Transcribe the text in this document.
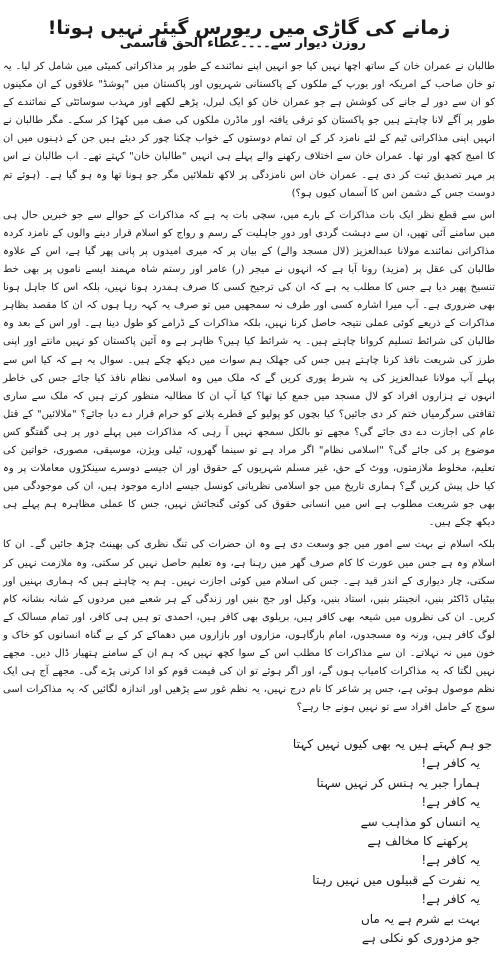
زمانے کی گاڑی میں ریورس گیئر نہیں ہوتا!
روزن دیوار سے۔۔۔۔عطاء الحق قاسمی

طالبان نے عمران خان کے ساتھ اچھا نہیں کیا جو انہیں اپنے نمائندے کے طور پر مذاکراتی کمیٹی میں شامل کر لیا۔ یہ تو خان صاحب کے امریکہ اور یورپ کے ملکوں کے پاکستانی شہریوں اور پاکستان میں "پوشڈ" علاقوں کے ان مکینوں کو ان سے دور لے جانے کی کوشش ہے جو عمران خان کو ایک لبرل، پڑھے لکھے اور مہذب سوسائٹی کے نمائندے کے طور پر آگے لانا چاہتے ہیں جو پاکستان کو ترقی یافتہ اور ماڈرن ملکوں کی صف میں کھڑا کر سکے۔ مگر طالبان نے انہیں اپنی مذاکراتی ٹیم کے لئے نامزد کر کے ان تمام دوستوں کے خواب چکنا چور کر دیئے ہیں جن کے ذہنوں میں ان کا امیج کچھ اور تھا۔ عمران خان سے اختلاف رکھنے والے پہلے ہی انہیں "طالبان خان" کہتے تھے۔ اب طالبان نے اس پر مہر تصدیق ثبت کر دی ہے۔ عمران خان اس نامزدگی پر لاکھ تلملائیں مگر جو ہونا تھا وہ ہو گیا ہے۔ (ہوئے تم دوست جس کے دشمن اس کا آسماں کیوں ہو؟)

اس سے قطع نظر ایک بات مذاکرات کے بارے میں، سچی بات یہ ہے کہ مذاکرات کے حوالے سے جو خبریں حال ہی میں سامنے آئی تھیں، ان سے دہشت گردی اور دورِ جاہلیت کے رسم و رواج کو اسلام قرار دینے والوں کے نامزد کردہ مذاکراتی نمائندے مولانا عبدالعزیز (لال مسجد والے) کے بیان پر کہ میری امیدوں پر پانی پھر گیا ہے، اس کے علاوہ طالبان کی عقل پر (مزید) رونا آیا ہے کہ انہوں نے میجر (ر) عامر اور رستم شاہ مہمند ایسے ناموں پر بھی خط تنسیخ پھیر دیا ہے جس کا مطلب یہ ہے کہ ان کی ترجیح کسی کا صرف ہمدرد ہونا نہیں، بلکہ اس کا جاہل ہونا بھی ضروری ہے۔ آپ میرا اشارہ کسی اور طرف نہ سمجھیں میں تو صرف یہ کہہ رہا ہوں کہ ان کا مقصد بظاہر مذاکرات کے ذریعے کوئی عملی نتیجہ حاصل کرنا نہیں، بلکہ مذاکرات کے ڈرامے کو طول دینا ہے۔ اور اس کے بعد وہ طالبان کی شرائط تسلیم کروانا چاہتے ہیں۔ یہ شرائط کیا ہیں؟ ظاہر ہے وہ آئین پاکستان کو نہیں مانتے اور اپنی طرز کی شریعت نافذ کرنا چاہتے ہیں جس کی جھلک ہم سوات میں دیکھ چکے ہیں۔ سوال یہ ہے کہ کیا اس سے پہلے آپ مولانا عبدالعزیز کی یہ شرط پوری کریں گے کہ ملک میں وہ اسلامی نظام نافذ کیا جائے جس کی خاطر انہوں نے ہزاروں افراد کو لال مسجد میں جمع کیا تھا؟ کیا آپ ان کا مطالبہ منظور کرتے ہیں کہ ملک سے ساری ثقافتی سرگرمیاں ختم کر دی جائیں؟ کیا بچوں کو پولیو کے قطرے پلانے کو حرام قرار دے دیا جائے؟ "ملالائیں" کے قتل عام کی اجازت دے دی جائے گی؟ مجھے تو بالکل سمجھ نہیں آ رہی کہ مذاکرات میں پہلے دور پر ہی گفتگو کس موضوع پر کی جائے گی؟ "اسلامی نظام" اگر مراد ہے تو سینما گھروں، ٹیلی ویژن، موسیقی، مصوری، خواتین کی تعلیم، مخلوط ملازمتوں، ووٹ کے حق، غیر مسلم شہریوں کے حقوق اور ان جیسے دوسرے سینکڑوں معاملات پر وہ کیا حل پیش کریں گے؟ ہماری تاریخ میں جو اسلامی نظریاتی کونسل جیسے ادارے موجود ہیں، ان کی موجودگی میں بھی جو شریعت مطلوب ہے اس میں انسانی حقوق کی کوئی گنجائش نہیں، جس کا عملی مظاہرہ ہم پہلے ہی دیکھ چکے ہیں۔

بلکہ اسلام نے بہت سے امور میں جو وسعت دی ہے وہ ان حضرات کی تنگ نظری کی بھینٹ چڑھ جائیں گے۔ ان کا اسلام وہ ہے جس میں عورت کا کام صرف گھر میں رہنا ہے، وہ تعلیم حاصل نہیں کر سکتی، وہ ملازمت نہیں کر سکتی، چار دیواری کے اندر قید ہے۔ جس کی اسلام میں کوئی اجازت نہیں۔ ہم یہ چاہتے ہیں کہ ہماری بہنیں اور بیٹیاں ڈاکٹر بنیں، انجینئر بنیں، استاد بنیں، وکیل اور جج بنیں اور زندگی کے ہر شعبے میں مردوں کے شانہ بشانہ کام کریں۔ ان کی نظروں میں شیعہ بھی کافر ہیں، بریلوی بھی کافر ہیں، احمدی تو ہیں ہی کافر، اور تمام مسالک کے لوگ کافر ہیں، ورنہ وہ مسجدوں، امام بارگاہوں، مزاروں اور بازاروں میں دھماکے کر کے بے گناہ انسانوں کو خاک و خون میں نہ نہلاتے۔ ان سے مذاکرات کا مطلب اس کے سوا کچھ نہیں کہ ہم ان کے سامنے ہتھیار ڈال دیں۔ مجھے نہیں لگتا کہ یہ مذاکرات کامیاب ہوں گے، اور اگر ہوئے تو ان کی قیمت قوم کو ادا کرنی پڑے گی۔ مجھے آج ہی ایک نظم موصول ہوئی ہے، جس پر شاعر کا نام درج نہیں، یہ نظم غور سے پڑھیں اور اندازہ لگائیں کہ یہ مذاکرات اسی سوچ کے حامل افراد سے تو نہیں ہونے جا رہے؟

جو ہم کہتے ہیں یہ بھی کیوں نہیں کہتا
یہ کافر ہے!
ہمارا جبر یہ ہنس کر نہیں سہتا
یہ کافر ہے!
یہ انساں کو مذاہب سے
پرکھنے کا مخالف ہے
یہ کافر ہے!
یہ نفرت کے قبیلوں میں نہیں رہتا
یہ کافر ہے!
بہت بے شرم ہے یہ ماں
جو مزدوری کو نکلی ہے
